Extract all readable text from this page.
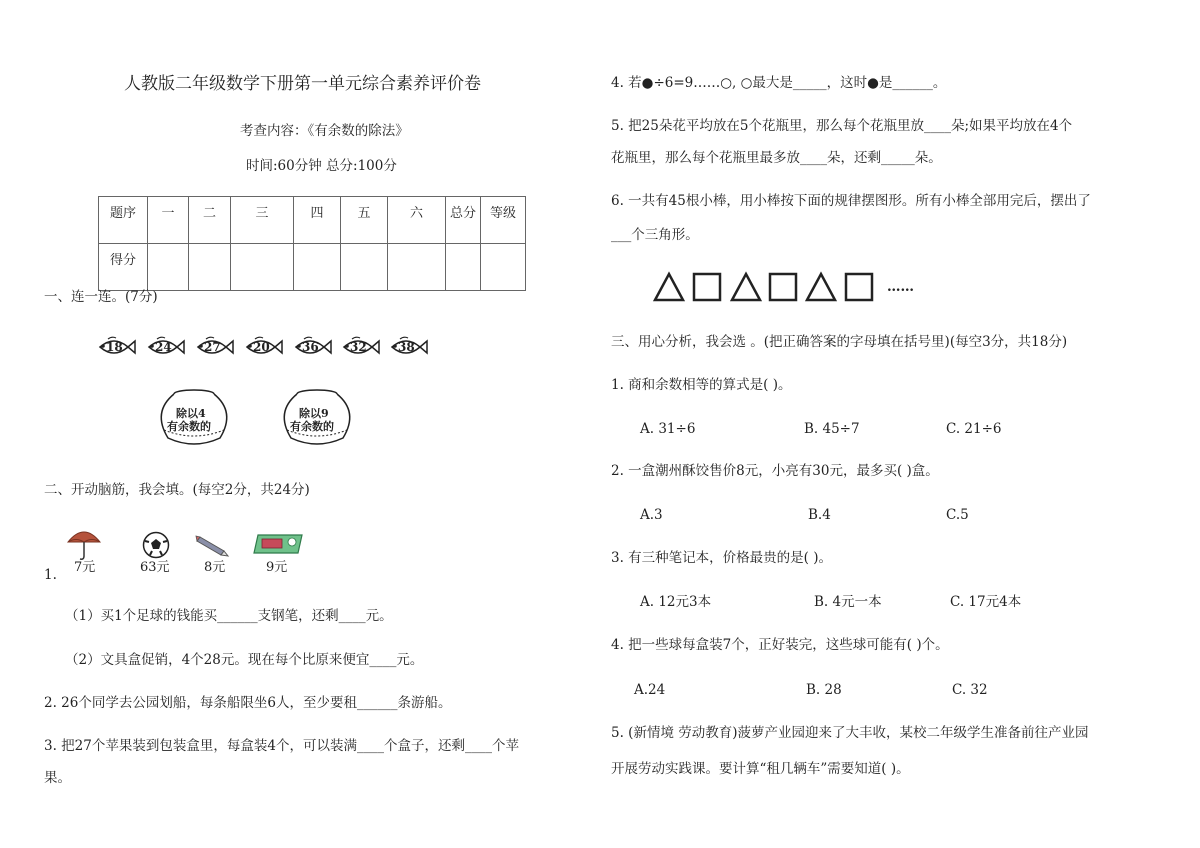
人教版二年级数学下册第一单元综合素养评价卷
考查内容：《有余数的除法》
时间:60分钟 总分:100分
题序	一	二	三	四	五	六	总分	等级
得分								
一、连一连。(7分)
18	24	27	20	36	32	38
除以4
有余数的
除以9
有余数的
二、开动脑筋，我会填。(每空2分，共24分)
7元	63元	8元	9元
1.
（1）买1个足球的钱能买______支钢笔，还剩____元。
（2）文具盒促销，4个28元。现在每个比原来便宜____元。
2. 26个同学去公园划船，每条船限坐6人，至少要租______条游船。
3. 把27个苹果装到包装盒里，每盒装4个，可以装满____个盒子，还剩____个苹
果。
4. 若●÷6=9……○, ○最大是_____，这时●是______。
5. 把25朵花平均放在5个花瓶里，那么每个花瓶里放____朵;如果平均放在4个
花瓶里，那么每个花瓶里最多放____朵，还剩_____朵。
6. 一共有45根小棒，用小棒按下面的规律摆图形。所有小棒全部用完后，摆出了
___个三角形。
……
三、用心分析，我会选 。(把正确答案的字母填在括号里)(每空3分，共18分)
1. 商和余数相等的算式是( )。
A. 31÷6	B. 45÷7	C. 21÷6
2. 一盒潮州酥饺售价8元，小亮有30元，最多买( )盒。
A.3	B.4	C.5
3. 有三种笔记本，价格最贵的是( )。
A. 12元3本	B. 4元一本	C. 17元4本
4. 把一些球每盒装7个，正好装完，这些球可能有( )个。
A.24	B. 28	C. 32
5. (新情境 劳动教育)菠萝产业园迎来了大丰收，某校二年级学生准备前往产业园
开展劳动实践课。要计算“租几辆车”需要知道( )。
